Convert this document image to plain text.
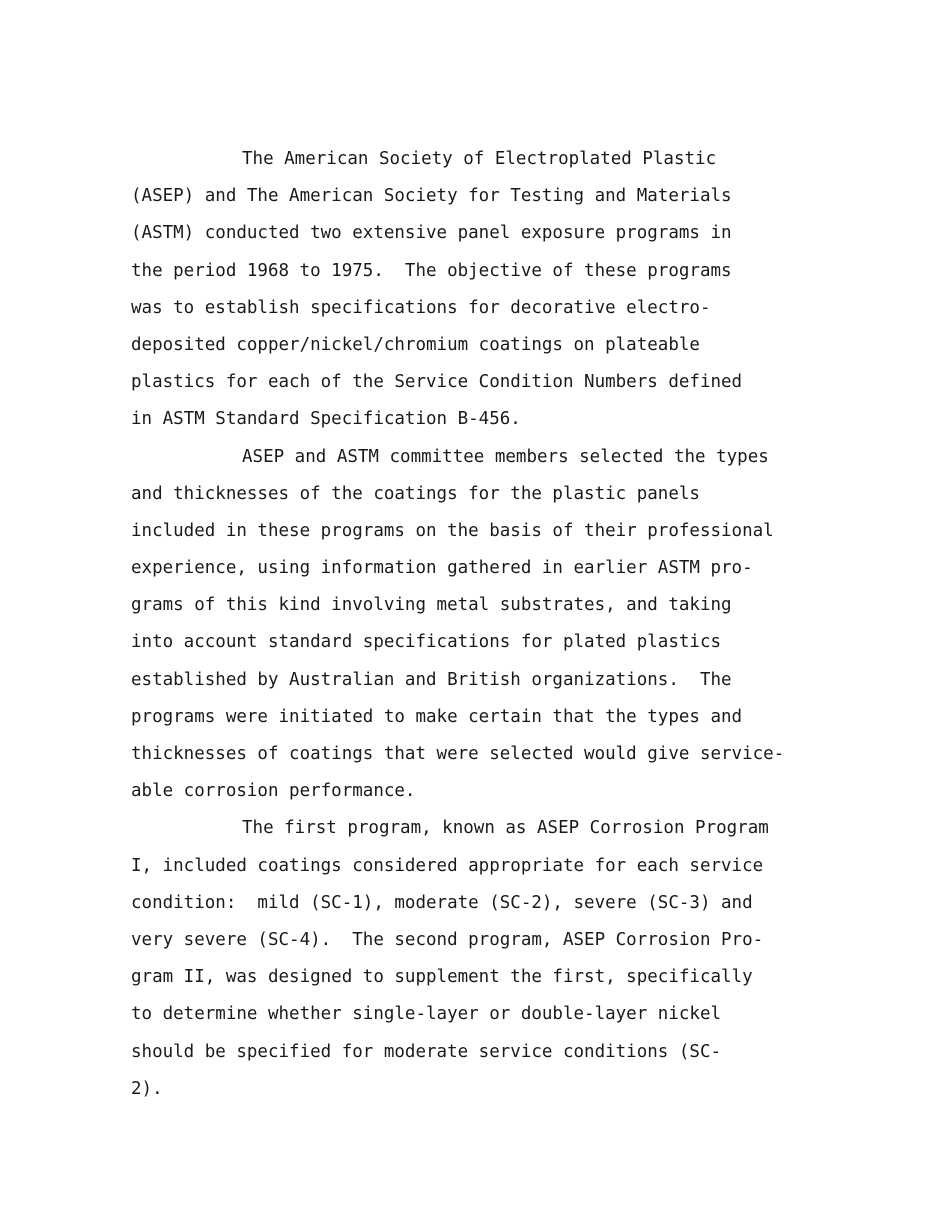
The American Society of Electroplated Plastic
(ASEP) and The American Society for Testing and Materials
(ASTM) conducted two extensive panel exposure programs in
the period 1968 to 1975.  The objective of these programs
was to establish specifications for decorative electro-
deposited copper/nickel/chromium coatings on plateable
plastics for each of the Service Condition Numbers defined
in ASTM Standard Specification B-456.
ASEP and ASTM committee members selected the types
and thicknesses of the coatings for the plastic panels
included in these programs on the basis of their professional
experience, using information gathered in earlier ASTM pro-
grams of this kind involving metal substrates, and taking
into account standard specifications for plated plastics
established by Australian and British organizations.  The
programs were initiated to make certain that the types and
thicknesses of coatings that were selected would give service-
able corrosion performance.
The first program, known as ASEP Corrosion Program
I, included coatings considered appropriate for each service
condition:  mild (SC-1), moderate (SC-2), severe (SC-3) and
very severe (SC-4).  The second program, ASEP Corrosion Pro-
gram II, was designed to supplement the first, specifically
to determine whether single-layer or double-layer nickel
should be specified for moderate service conditions (SC-
2).
